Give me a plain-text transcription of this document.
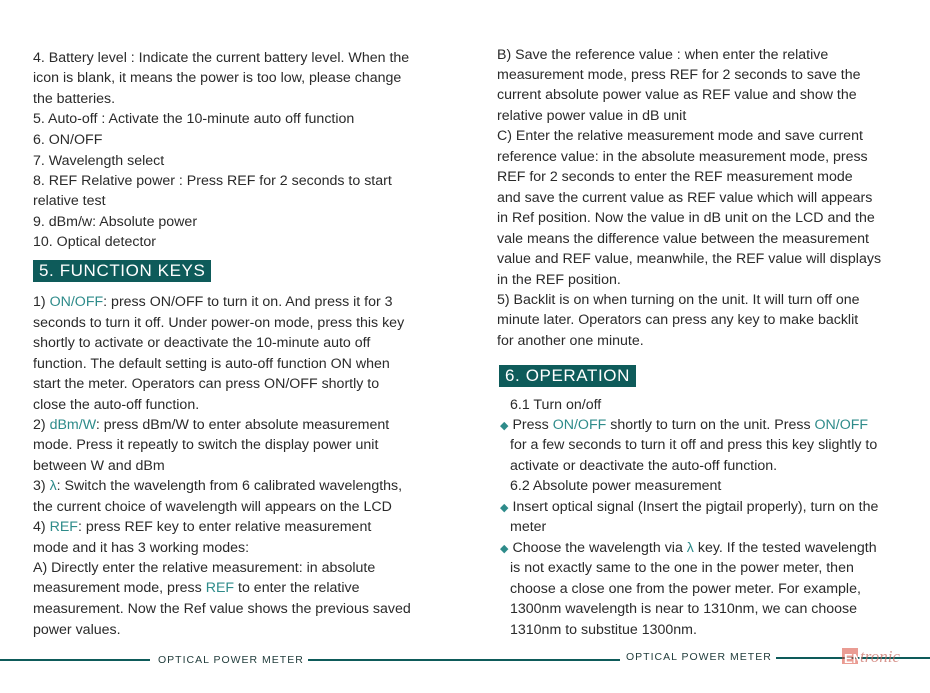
4. Battery level : Indicate the current battery level. When the
icon is blank, it means the power is too low, please change
the batteries.
5. Auto-off : Activate the 10-minute auto off function
6. ON/OFF
7. Wavelength select
8. REF Relative power : Press REF for 2 seconds to start
relative test
9. dBm/w: Absolute power
10. Optical detector
5. FUNCTION KEYS
1) ON/OFF: press ON/OFF to turn it on. And press it for 3
seconds to turn it off. Under power-on mode, press this key
shortly to activate or deactivate the 10-minute auto off
function. The default setting is auto-off function ON when
start the meter. Operators can press ON/OFF shortly to
close the auto-off function.
2) dBm/W: press dBm/W to enter absolute measurement
mode. Press it repeatly to switch the display power unit
between W and dBm
3) λ: Switch the wavelength from 6 calibrated wavelengths,
the current choice of wavelength will appears on the LCD
4) REF: press REF key to enter relative measurement
mode and it has 3 working modes:
A) Directly enter the relative measurement: in absolute
measurement mode, press REF to enter the relative
measurement. Now the Ref value shows the previous saved
power values.
B) Save the reference value : when enter the relative
measurement mode, press REF for 2 seconds to save the
current absolute power value as REF value and show the
relative power value in dB unit
C) Enter the relative measurement mode and save current
reference value: in the absolute measurement mode, press
REF for 2 seconds to enter the REF measurement mode
and save the current value as REF value which will appears
in Ref position. Now the value in dB unit on the LCD and the
vale means the difference value between the measurement
value and REF value, meanwhile, the REF value will displays
in the REF position.
5) Backlit is on when turning on the unit. It will turn off one
minute later. Operators can press any key to make backlit
for another one minute.
6. OPERATION
6.1 Turn on/off
◆ Press ON/OFF shortly to turn on the unit. Press ON/OFF
for a few seconds to turn it off and press this key slightly to
activate or deactivate the auto-off function.
6.2 Absolute power measurement
◆ Insert optical signal (Insert the pigtail properly), turn on the
meter
◆ Choose the wavelength via λ key. If the tested wavelength
is not exactly same to the one in the power meter, then
choose a close one from the power meter. For example,
1300nm wavelength is near to 1310nm, we can choose
1310nm to substitue 1300nm.
OPTICAL POWER METER	OPTICAL POWER METER	EN
tronic
